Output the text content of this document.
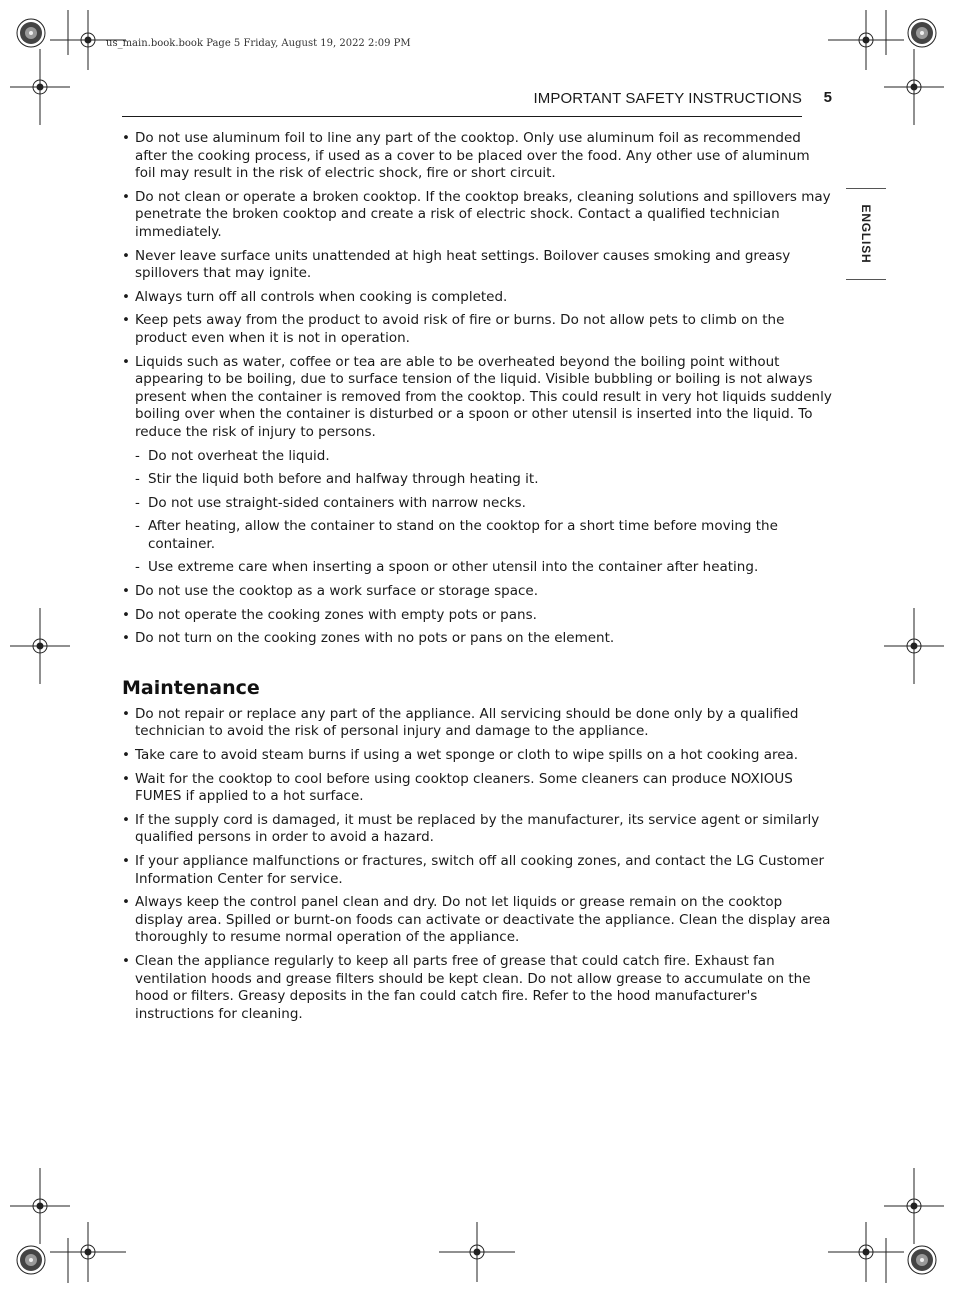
us_main.book.book Page 5 Friday, August 19, 2022 2:09 PM
IMPORTANT SAFETY INSTRUCTIONS 5
ENGLISH
• Do not use aluminum foil to line any part of the cooktop. Only use aluminum foil as recommended after the cooking process, if used as a cover to be placed over the food. Any other use of aluminum foil may result in the risk of electric shock, fire or short circuit.
• Do not clean or operate a broken cooktop. If the cooktop breaks, cleaning solutions and spillovers may penetrate the broken cooktop and create a risk of electric shock. Contact a qualified technician immediately.
• Never leave surface units unattended at high heat settings. Boilover causes smoking and greasy spillovers that may ignite.
• Always turn off all controls when cooking is completed.
• Keep pets away from the product to avoid risk of fire or burns. Do not allow pets to climb on the product even when it is not in operation.
• Liquids such as water, coffee or tea are able to be overheated beyond the boiling point without appearing to be boiling, due to surface tension of the liquid. Visible bubbling or boiling is not always present when the container is removed from the cooktop. This could result in very hot liquids suddenly boiling over when the container is disturbed or a spoon or other utensil is inserted into the liquid. To reduce the risk of injury to persons.
- Do not overheat the liquid.
- Stir the liquid both before and halfway through heating it.
- Do not use straight-sided containers with narrow necks.
- After heating, allow the container to stand on the cooktop for a short time before moving the container.
- Use extreme care when inserting a spoon or other utensil into the container after heating.
• Do not use the cooktop as a work surface or storage space.
• Do not operate the cooking zones with empty pots or pans.
• Do not turn on the cooking zones with no pots or pans on the element.
Maintenance
• Do not repair or replace any part of the appliance. All servicing should be done only by a qualified technician to avoid the risk of personal injury and damage to the appliance.
• Take care to avoid steam burns if using a wet sponge or cloth to wipe spills on a hot cooking area.
• Wait for the cooktop to cool before using cooktop cleaners. Some cleaners can produce NOXIOUS FUMES if applied to a hot surface.
• If the supply cord is damaged, it must be replaced by the manufacturer, its service agent or similarly qualified persons in order to avoid a hazard.
• If your appliance malfunctions or fractures, switch off all cooking zones, and contact the LG Customer Information Center for service.
• Always keep the control panel clean and dry. Do not let liquids or grease remain on the cooktop display area. Spilled or burnt-on foods can activate or deactivate the appliance. Clean the display area thoroughly to resume normal operation of the appliance.
• Clean the appliance regularly to keep all parts free of grease that could catch fire. Exhaust fan ventilation hoods and grease filters should be kept clean. Do not allow grease to accumulate on the hood or filters. Greasy deposits in the fan could catch fire. Refer to the hood manufacturer's instructions for cleaning.
